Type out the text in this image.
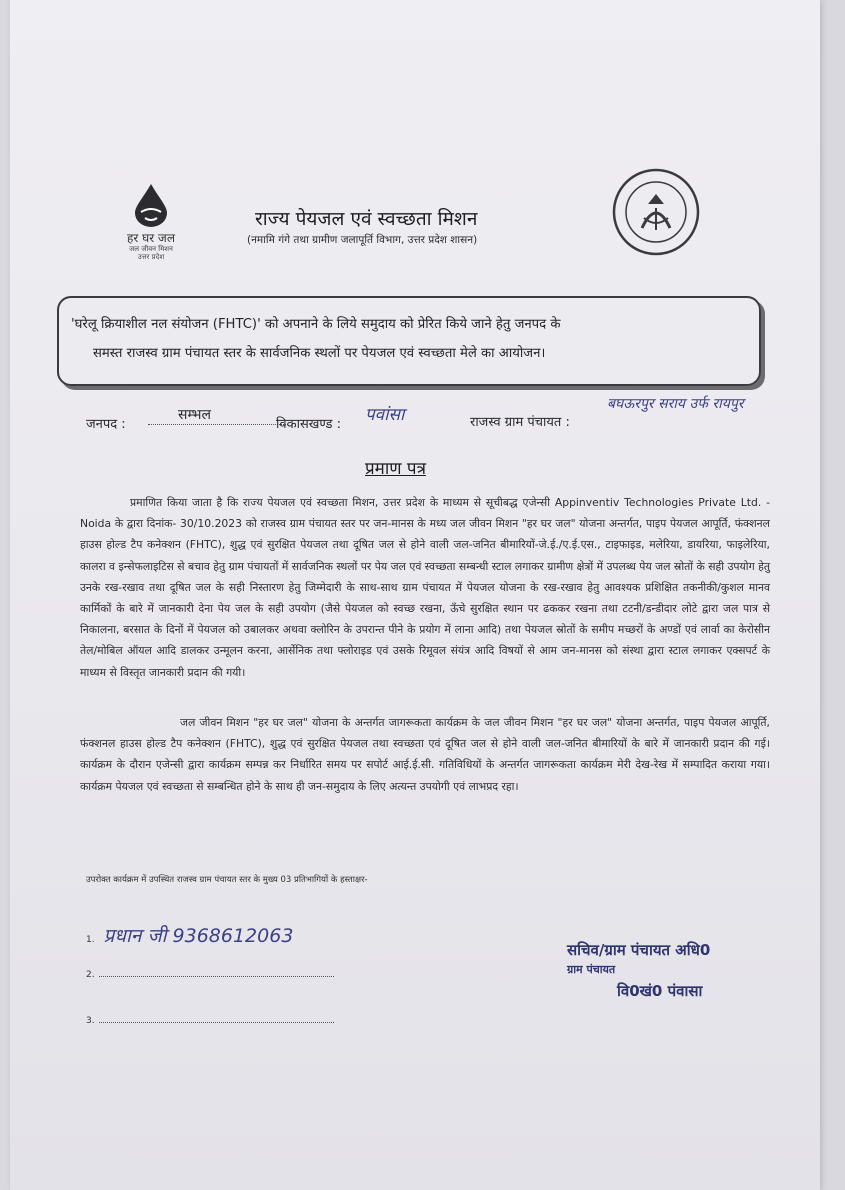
हर घर जल
जल जीवन मिशन
उत्तर प्रदेश
राज्य पेयजल एवं स्वच्छता मिशन
(नमामि गंगे तथा ग्रामीण जलापूर्ति विभाग, उत्तर प्रदेश शासन)
'घरेलू क्रियाशील नल संयोजन (FHTC)' को अपनाने के लिये समुदाय को प्रेरित किये जाने हेतु जनपद के
समस्त राजस्व ग्राम पंचायत स्तर के सार्वजनिक स्थलों पर पेयजल एवं स्वच्छता मेले का आयोजन।
जनपद :
सम्भल
विकासखण्ड : पवांसा	राजस्व ग्राम पंचायत :
बघऊरपुर सराय उर्फ रायपुर
प्रमाण पत्र
प्रमाणित किया जाता है कि राज्य पेयजल एवं स्वच्छता मिशन, उत्तर प्रदेश के माध्यम से सूचीबद्ध एजेन्सी Appinventiv Technologies Private Ltd. - Noida के द्वारा दिनांक- 30/10.2023 को राजस्व ग्राम पंचायत स्तर पर जन-मानस के मध्य जल जीवन मिशन "हर घर जल" योजना अन्तर्गत, पाइप पेयजल आपूर्ति, फंक्शनल हाउस होल्ड टैप कनेक्शन (FHTC), शुद्ध एवं सुरक्षित पेयजल तथा दूषित जल से होने वाली जल-जनित बीमारियों-जे.ई./ए.ई.एस., टाइफाइड, मलेरिया, डायरिया, फाइलेरिया, कालरा व इन्सेफलाइटिस से बचाव हेतु ग्राम पंचायतों में सार्वजनिक स्थलों पर पेय जल एवं स्वच्छता सम्बन्धी स्टाल लगाकर ग्रामीण क्षेत्रों में उपलब्ध पेय जल स्रोतों के सही उपयोग हेतु उनके रख-रखाव तथा दूषित जल के सही निस्तारण हेतु जिम्मेदारी के साथ-साथ ग्राम पंचायत में पेयजल योजना के रख-रखाव हेतु आवश्यक प्रशिक्षित तकनीकी/कुशल मानव कार्मिकों के बारे में जानकारी देना पेय जल के सही उपयोग (जैसे पेयजल को स्वच्छ रखना, ऊँचे सुरक्षित स्थान पर ढककर रखना तथा टटनी/डन्डीदार लोटे द्वारा जल पात्र से निकालना, बरसात के दिनों में पेयजल को उबालकर अथवा क्लोरिन के उपरान्त पीने के प्रयोग में लाना आदि) तथा पेयजल स्रोतों के समीप मच्छरों के अण्डों एवं लार्वा का केरोसीन तेल/मोबिल ऑयल आदि डालकर उन्मूलन करना, आर्सेनिक तथा फ्लोराइड एवं उसके रिमूवल संयंत्र आदि विषयों से आम जन-मानस को संस्था द्वारा स्टाल लगाकर एक्सपर्ट के माध्यम से विस्तृत जानकारी प्रदान की गयी।
जल जीवन मिशन "हर घर जल" योजना के अन्तर्गत जागरूकता कार्यक्रम के जल जीवन मिशन "हर घर जल" योजना अन्तर्गत, पाइप पेयजल आपूर्ति, फंक्शनल हाउस होल्ड टैप कनेक्शन (FHTC), शुद्ध एवं सुरक्षित पेयजल तथा स्वच्छता एवं दूषित जल से होने वाली जल-जनित बीमारियों के बारे में जानकारी प्रदान की गई। कार्यक्रम के दौरान एजेन्सी द्वारा कार्यक्रम सम्पन्न कर निर्धारित समय पर सपोर्ट आई.ई.सी. गतिविधियों के अन्तर्गत जागरूकता कार्यक्रम मेरी देख-रेख में सम्पादित कराया गया। कार्यक्रम पेयजल एवं स्वच्छता से सम्बन्धित होने के साथ ही जन-समुदाय के लिए अत्यन्त उपयोगी एवं लाभप्रद रहा।
उपरोक्त कार्यक्रम में उपस्थित राजस्व ग्राम पंचायत स्तर के मुख्य 03 प्रतिभागियों के हस्ताक्षर-
1. प्रधान जी 9368612063
2.
3.
सचिव/ग्राम पंचायत अधि0
ग्राम पंचायत
वि0खं0 पंवासा
